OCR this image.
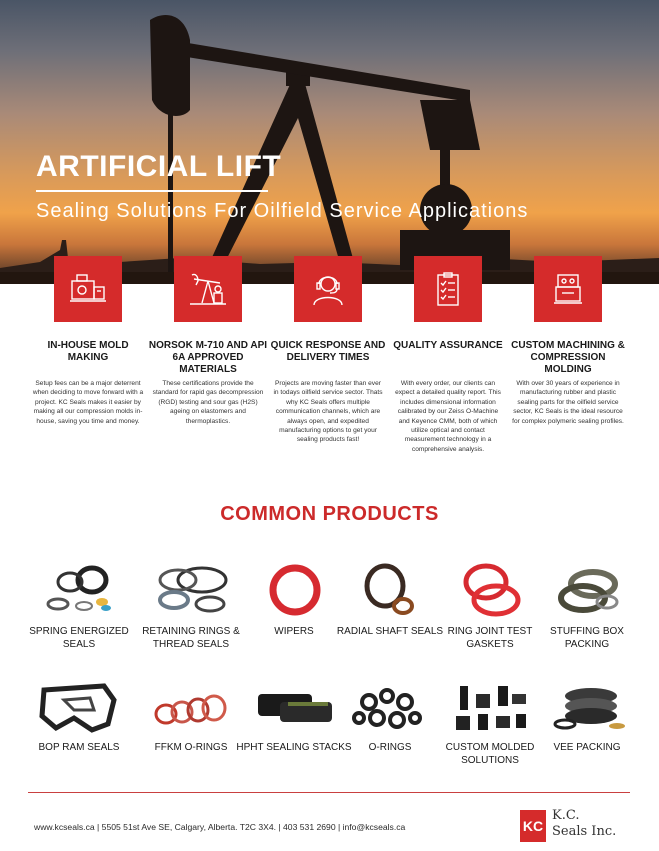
ARTIFICIAL LIFT
Sealing Solutions For Oilfield Service Applications
IN-HOUSE MOLD MAKING
Setup fees can be a major deterrent when deciding to move forward with a project. KC Seals makes it easier by making all our compression molds in-house, saving you time and money.
NORSOK M-710 AND API 6A APPROVED MATERIALS
These certifications provide the standard for rapid gas decompression (RGD) testing and sour gas (H2S) ageing on elastomers and thermoplastics.
QUICK RESPONSE AND DELIVERY TIMES
Projects are moving faster than ever in todays oilfield service sector. Thats why KC Seals offers multiple communication channels, which are always open, and expedited manufacturing options to get your sealing products fast!
QUALITY ASSURANCE
With every order, our clients can expect a detailed quality report. This includes dimensional information calibrated by our Zeiss O-Machine and Keyence CMM, both of which utilize optical and contact measurement technology in a comprehensive analysis.
CUSTOM MACHINING & COMPRESSION MOLDING
With over 30 years of experience in manufacturing rubber and plastic sealing parts for the oilfield service sector, KC Seals is the ideal resource for complex polymeric sealing profiles.
COMMON PRODUCTS
SPRING ENERGIZED SEALS
RETAINING RINGS & THREAD SEALS
WIPERS	RADIAL SHAFT SEALS RING JOINT TEST GASKETS
STUFFING BOX PACKING
BOP RAM SEALS	FFKM O-RINGS HPHT SEALING STACKS	O-RINGS	CUSTOM MOLDED SOLUTIONS
VEE PACKING
www.kcseals.ca | 5505 51st Ave SE, Calgary, Alberta. T2C 3X4. | 403 531 2690 | info@kcseals.ca	KC
K.C.
Seals Inc.
